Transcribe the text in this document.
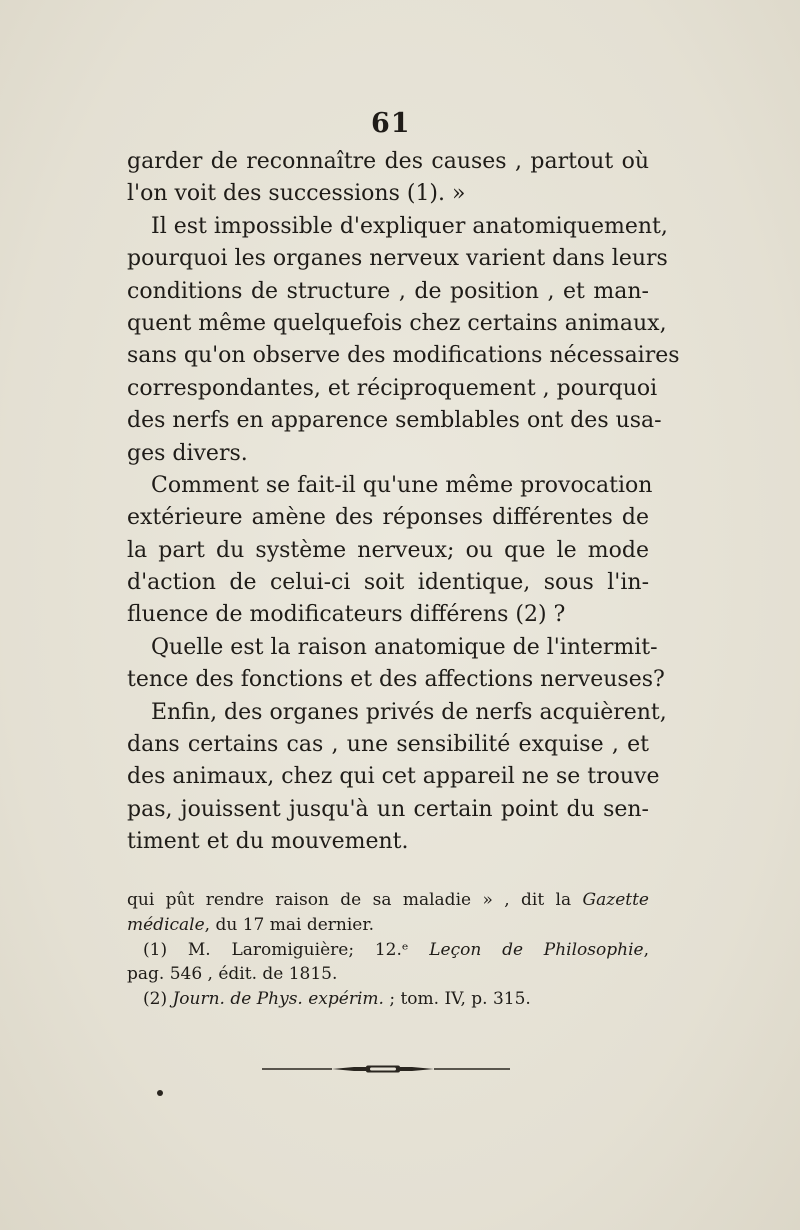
61
garder de reconnaître des causes , partout où
l'on voit des successions (1). »
Il est impossible d'expliquer anatomiquement,
pourquoi les organes nerveux varient dans leurs
conditions de structure , de position , et man-
quent même quelquefois chez certains animaux,
sans qu'on observe des modifications nécessaires
correspondantes, et réciproquement , pourquoi
des nerfs en apparence semblables ont des usa-
ges divers.
Comment se fait-il qu'une même provocation
extérieure amène des réponses différentes de
la part du système nerveux; ou que le mode
d'action de celui-ci soit identique, sous l'in-
fluence de modificateurs différens (2) ?
Quelle est la raison anatomique de l'intermit-
tence des fonctions et des affections nerveuses?
Enfin, des organes privés de nerfs acquièrent,
dans certains cas , une sensibilité exquise , et
des animaux, chez qui cet appareil ne se trouve
pas, jouissent jusqu'à un certain point du sen-
timent et du mouvement.
qui pût rendre raison de sa maladie » , dit la Gazette
médicale, du 17 mai dernier.
(1) M. Laromiguière; 12.ᵉ Leçon de Philosophie,
pag. 546 , édit. de 1815.
(2) Journ. de Phys. expérim. ; tom. IV, p. 315.
